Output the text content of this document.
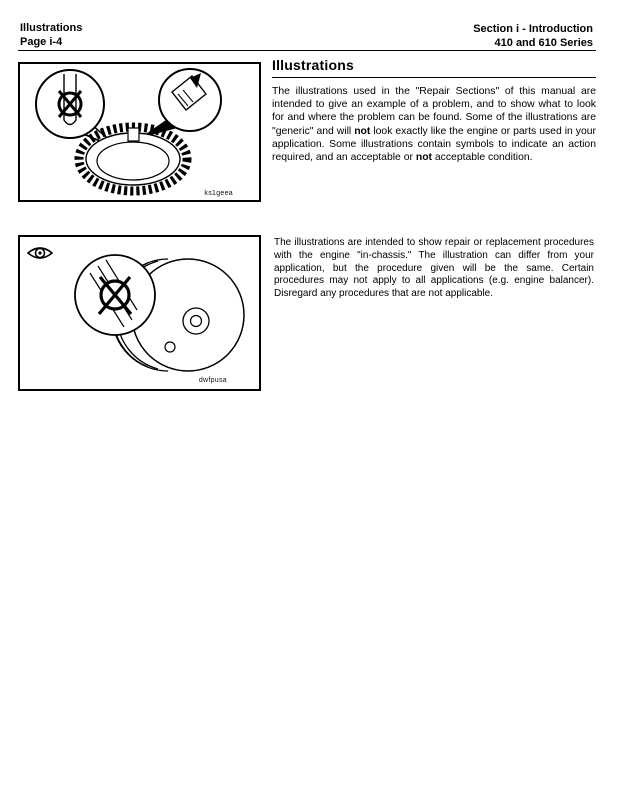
Illustrations
Page i-4
Section i - Introduction
410 and 610 Series
ks1geea
dwfpusa
Illustrations

The illustrations used in the "Repair Sections" of this manual are intended to give an example of a problem, and to show what to look for and where the problem can be found. Some of the illustrations are "generic" and will not look exactly like the engine or parts used in your application. Some illustrations contain symbols to indicate an action required, and an acceptable or not acceptable condition.

The illustrations are intended to show repair or replacement procedures with the engine "in-chassis." The illustration can differ from your application, but the procedure given will be the same. Certain procedures may not apply to all applications (e.g. engine balancer). Disregard any procedures that are not applicable.
